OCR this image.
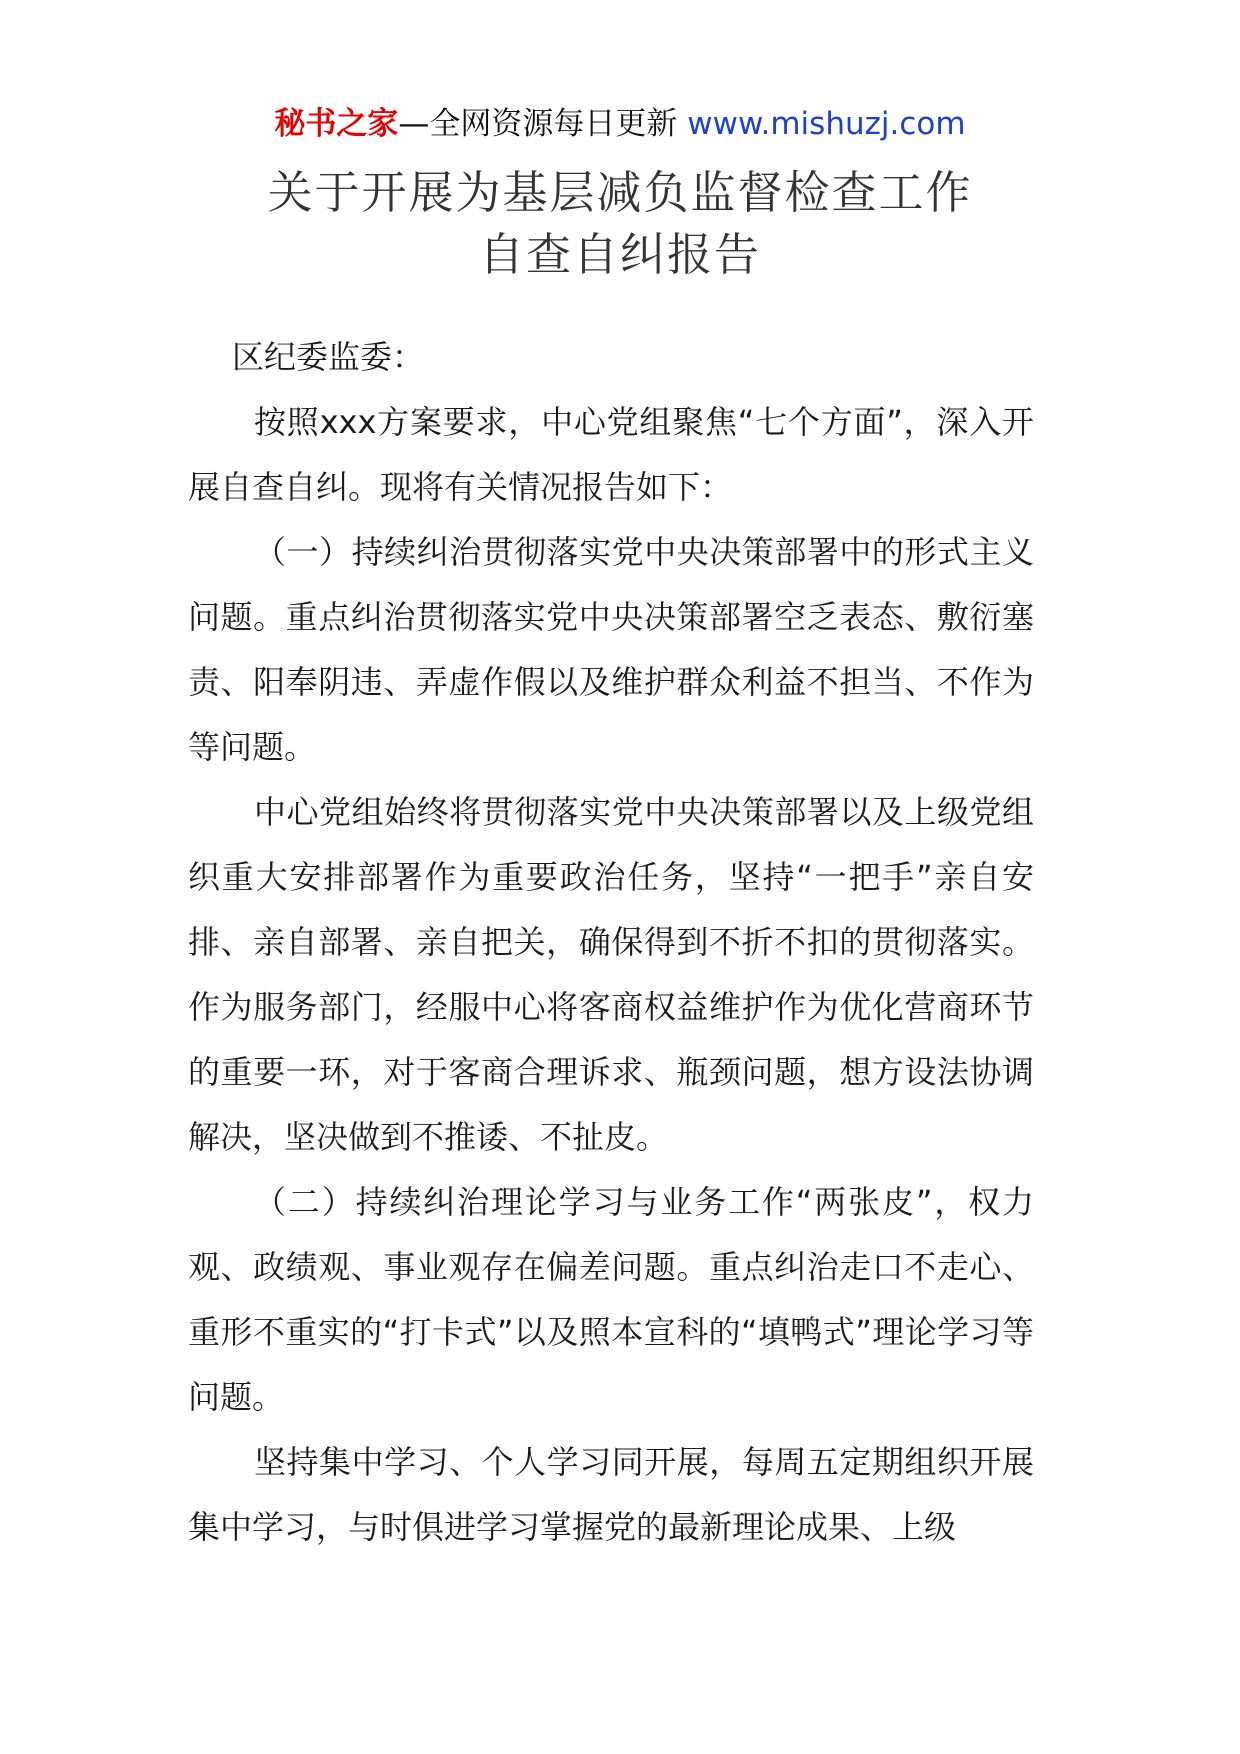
秘书之家—全网资源每日更新 www.mishuzj.com
关于开展为基层减负监督检查工作
自查自纠报告

区纪委监委：

按照xxx方案要求，中心党组聚焦“七个方面”，深入开展自查自纠。现将有关情况报告如下：

（一）持续纠治贯彻落实党中央决策部署中的形式主义问题。重点纠治贯彻落实党中央决策部署空乏表态、敷衍塞责、阳奉阴违、弄虚作假以及维护群众利益不担当、不作为等问题。

中心党组始终将贯彻落实党中央决策部署以及上级党组织重大安排部署作为重要政治任务，坚持“一把手”亲自安排、亲自部署、亲自把关，确保得到不折不扣的贯彻落实。作为服务部门，经服中心将客商权益维护作为优化营商环节的重要一环，对于客商合理诉求、瓶颈问题，想方设法协调解决，坚决做到不推诿、不扯皮。

（二）持续纠治理论学习与业务工作“两张皮”，权力观、政绩观、事业观存在偏差问题。重点纠治走口不走心、重形不重实的“打卡式”以及照本宣科的“填鸭式”理论学习等问题。

坚持集中学习、个人学习同开展，每周五定期组织开展集中学习，与时俱进学习掌握党的最新理论成果、上级
